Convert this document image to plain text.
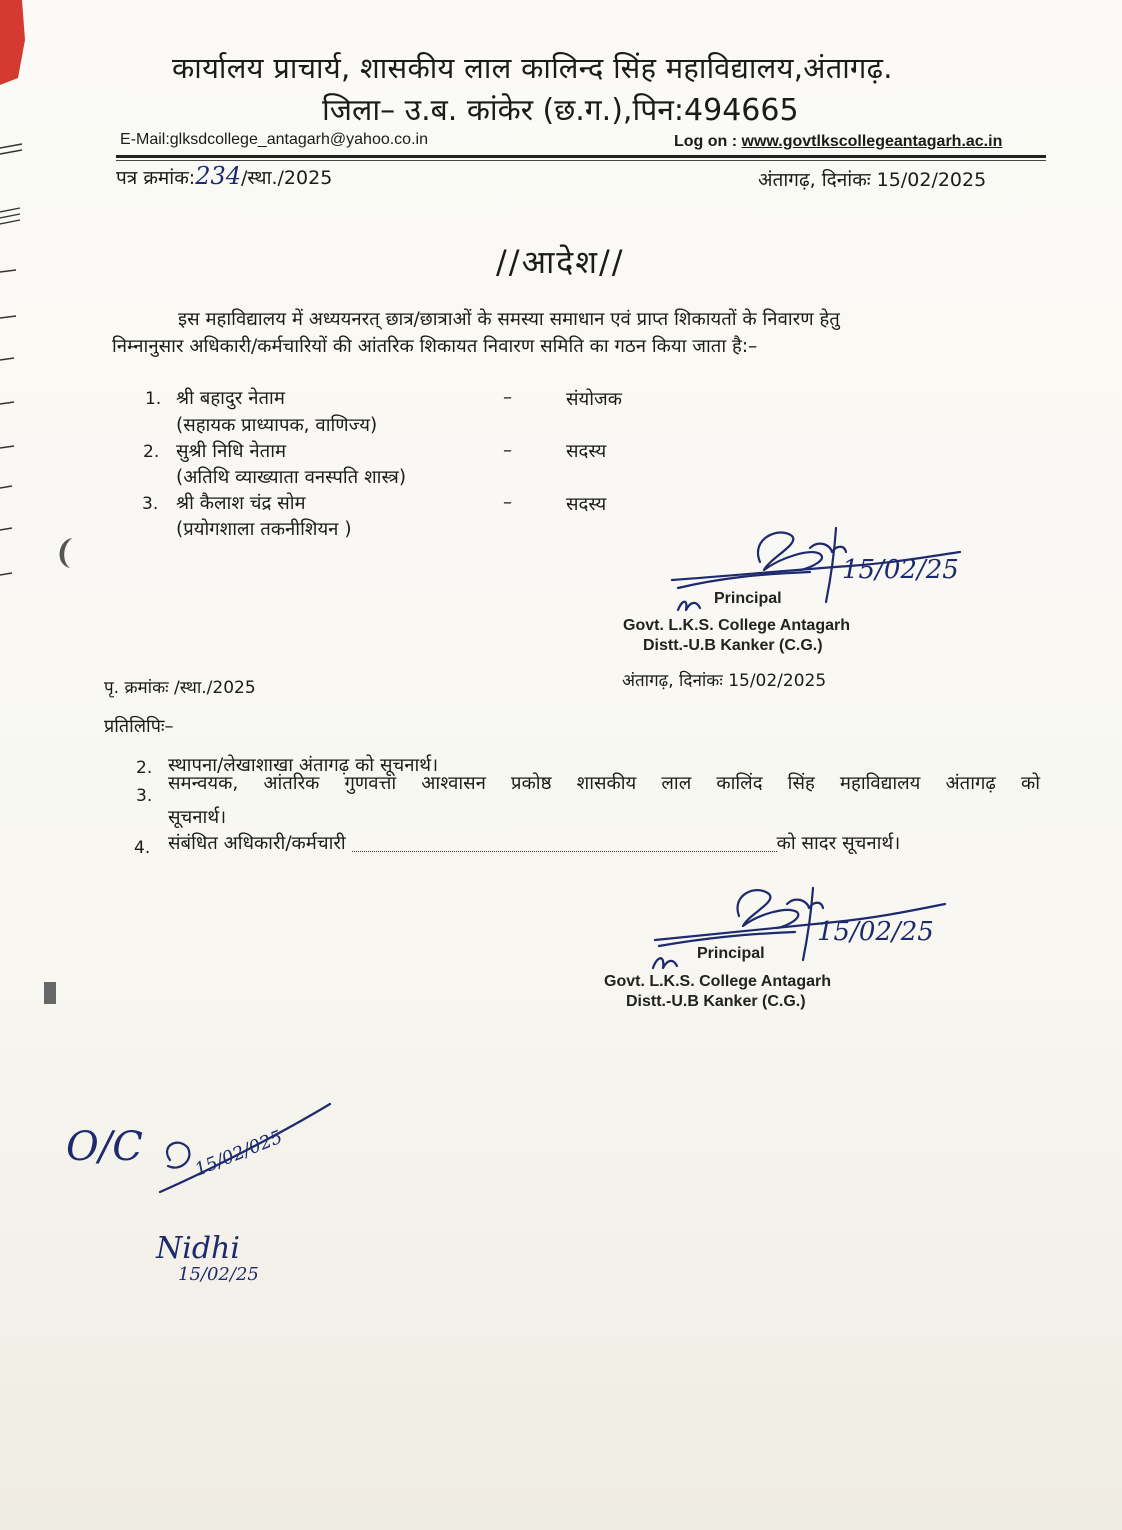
कार्यालय प्राचार्य, शासकीय लाल कालिन्द सिंह महाविद्यालय,अंतागढ़.
जिला– उ.ब. कांकेर (छ.ग.),पिन:494665
E-Mail:glksdcollege_antagarh@yahoo.co.in	Log on : www.govtlkscollegeantagarh.ac.in
पत्र क्रमांक:234/स्था./2025	अंतागढ़, दिनांकः 15/02/2025
//आदेश//
इस महाविद्यालय में अध्ययनरत् छात्र/छात्राओं के समस्या समाधान एवं प्राप्त शिकायतों के निवारण हेतु
निम्नानुसार अधिकारी/कर्मचारियों की आंतरिक शिकायत निवारण समिति का गठन किया जाता है:–
1. श्री बहादुर नेताम
(सहायक प्राध्यापक, वाणिज्य)
–	संयोजक
2. सुश्री निधि नेताम
(अतिथि व्याख्याता वनस्पति शास्त्र)
–	सदस्य
3. श्री कैलाश चंद्र सोम
(प्रयोगशाला तकनीशियन )
–	सदस्य
15/02/25
Principal
Govt. L.K.S. College Antagarh
Distt.-U.B Kanker (C.G.)
पृ. क्रमांकः /स्था./2025	अंतागढ़, दिनांकः 15/02/2025
प्रतिलिपिः–
2. स्थापना/लेखाशाखा अंतागढ़ को सूचनार्थ।
3.
समन्वयक, आंतरिक गुणवत्ता आश्वासन प्रकोष्ठ शासकीय लाल कालिंद सिंह महाविद्यालय अंतागढ़ को
सूचनार्थ।
4. संबंधित अधिकारी/कर्मचारी	को सादर सूचनार्थ।
15/02/25
Principal
Govt. L.K.S. College Antagarh
Distt.-U.B Kanker (C.G.)
O/C	15/02/025
Nidhi
15/02/25
